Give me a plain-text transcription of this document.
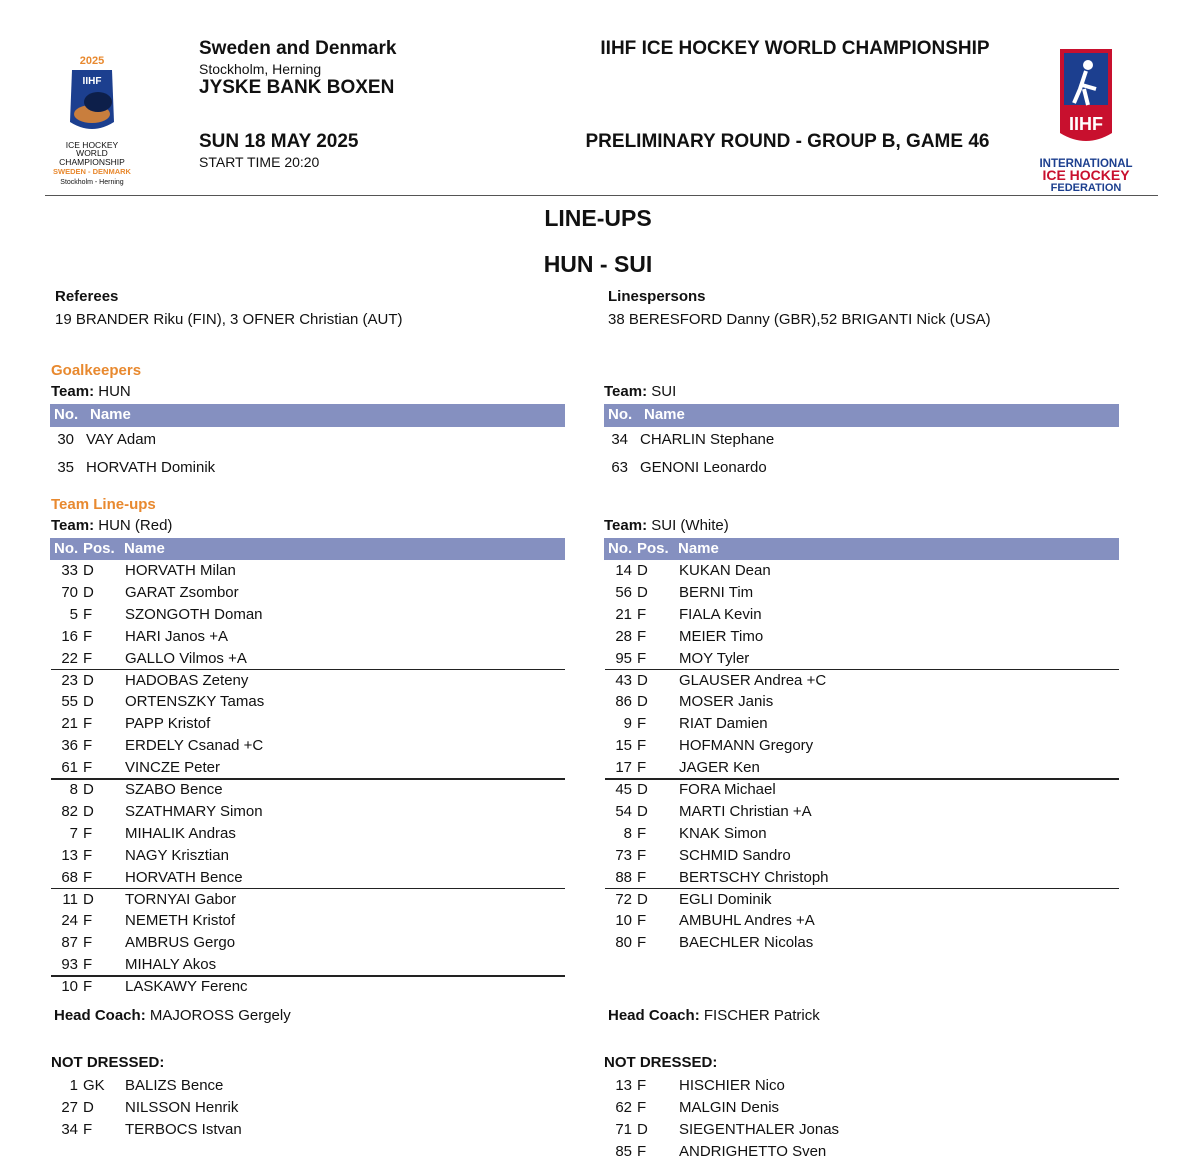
2025
IIHF
ICE HOCKEY
WORLD
CHAMPIONSHIP
SWEDEN - DENMARK
Stockholm - Herning
Sweden and Denmark
Stockholm, Herning
JYSKE BANK BOXEN
SUN 18 MAY 2025
START TIME 20:20
IIHF ICE HOCKEY WORLD CHAMPIONSHIP
PRELIMINARY ROUND - GROUP B, GAME 46
IIHF
INTERNATIONAL
ICE HOCKEY
FEDERATION
LINE-UPS
HUN - SUI
Referees
19 BRANDER Riku (FIN), 3 OFNER Christian (AUT)
Linespersons
38 BERESFORD Danny (GBR),52 BRIGANTI Nick (USA)
Goalkeepers
Team: HUN	Team: SUI
No. Name	No. Name
30 VAY Adam
35 HORVATH Dominik
34 CHARLIN Stephane
63 GENONI Leonardo
Team Line-ups
Team: HUN (Red)	Team: SUI (White)
No. Pos. Name	No. Pos. Name
33 D HORVATH Milan
70 D GARAT Zsombor
5 F SZONGOTH Doman
16 F HARI Janos +A
22 F GALLO Vilmos +A
23 D HADOBAS Zeteny
55 D ORTENSZKY Tamas
21 F PAPP Kristof
36 F ERDELY Csanad +C
61 F VINCZE Peter
8 D SZABO Bence
82 D SZATHMARY Simon
7 F MIHALIK Andras
13 F NAGY Krisztian
68 F HORVATH Bence
11 D TORNYAI Gabor
24 F NEMETH Kristof
87 F AMBRUS Gergo
93 F MIHALY Akos
10 F LASKAWY Ferenc
14 D KUKAN Dean
56 D BERNI Tim
21 F FIALA Kevin
28 F MEIER Timo
95 F MOY Tyler
43 D GLAUSER Andrea +C
86 D MOSER Janis
9 F RIAT Damien
15 F HOFMANN Gregory
17 F JAGER Ken
45 D FORA Michael
54 D MARTI Christian +A
8 F KNAK Simon
73 F SCHMID Sandro
88 F BERTSCHY Christoph
72 D EGLI Dominik
10 F AMBUHL Andres +A
80 F BAECHLER Nicolas
Head Coach: MAJOROSS Gergely	Head Coach: FISCHER Patrick
NOT DRESSED:	NOT DRESSED:
1 GK BALIZS Bence
27 D NILSSON Henrik
34 F TERBOCS Istvan
13 F HISCHIER Nico
62 F MALGIN Denis
71 D SIEGENTHALER Jonas
85 F ANDRIGHETTO Sven
